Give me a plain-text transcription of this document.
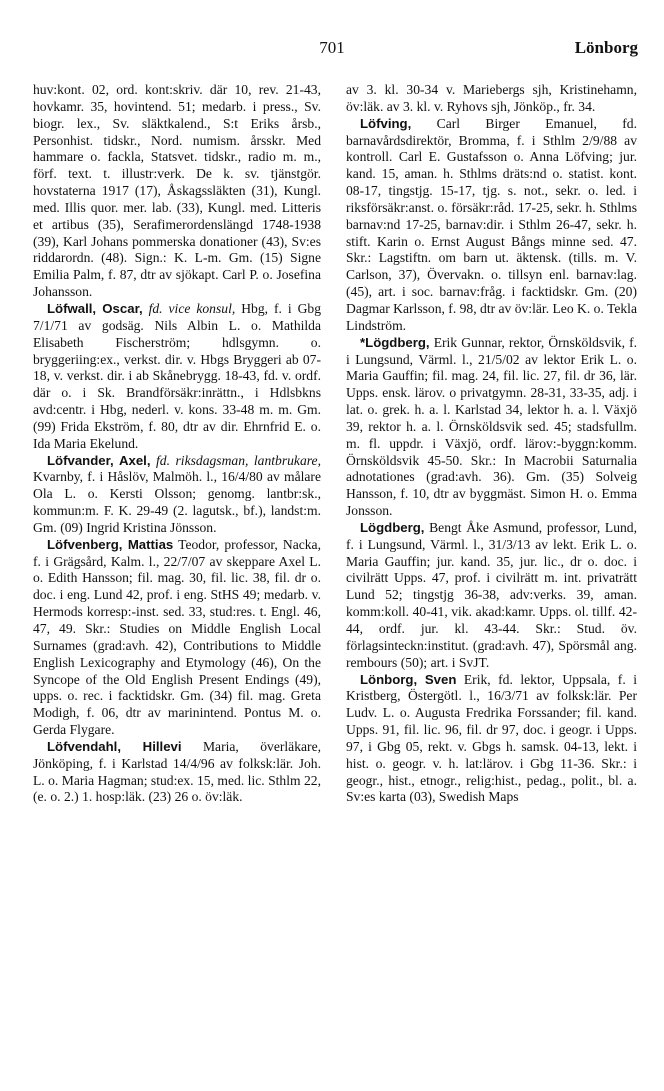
701	Lönborg

huv:kont. 02, ord. kont:skriv. där 10, rev. 21-43, hovkamr. 35, hovintend. 51; medarb. i press., Sv. biogr. lex., Sv. släktkalend., S:t Eriks årsb., Personhist. tidskr., Nord. numism. årsskr. Med hammare o. fackla, Statsvet. tidskr., radio m. m., förf. text. t. illustr:verk. De k. sv. tjänstgör. hovstaterna 1917 (17), Åskagssläkten (31), Kungl. med. Illis quor. mer. lab. (33), Kungl. med. Litteris et artibus (35), Serafimerordenslängd 1748-1938 (39), Karl Johans pommerska donationer (43), Sv:es riddarordn. (48). Sign.: K. L-m. Gm. (15) Signe Emilia Palm, f. 87, dtr av sjökapt. Carl P. o. Josefina Johansson.

Löfwall, Oscar, fd. vice konsul, Hbg, f. i Gbg 7/1/71 av godsäg. Nils Albin L. o. Mathilda Elisabeth Fischerström; hdlsgymn. o. bryggeriing:ex., verkst. dir. v. Hbgs Bryggeri ab 07-18, v. verkst. dir. i ab Skånebrygg. 18-43, fd. v. ordf. där o. i Sk. Brandförsäkr:inrättn., i Hdlsbkns avd:centr. i Hbg, nederl. v. kons. 33-48 m. m. Gm. (99) Frida Ekström, f. 80, dtr av dir. Ehrnfrid E. o. Ida Maria Ekelund.

Löfvander, Axel, fd. riksdagsman, lantbrukare, Kvarnby, f. i Håslöv, Malmöh. l., 16/4/80 av målare Ola L. o. Kersti Olsson; genomg. lantbr:sk., kommun:m. F. K. 29-49 (2. lagutsk., bf.), landst:m. Gm. (09) Ingrid Kristina Jönsson.

Löfvenberg, Mattias Teodor, professor, Nacka, f. i Grägsård, Kalm. l., 22/7/07 av skeppare Axel L. o. Edith Hansson; fil. mag. 30, fil. lic. 38, fil. dr o. doc. i eng. Lund 42, prof. i eng. StHS 49; medarb. v. Hermods korresp:-inst. sed. 33, stud:res. t. Engl. 46, 47, 49. Skr.: Studies on Middle English Local Surnames (grad:avh. 42), Contributions to Middle English Lexicography and Etymology (46), On the Syncope of the Old English Present Endings (49), upps. o. rec. i facktidskr. Gm. (34) fil. mag. Greta Modigh, f. 06, dtr av marinintend. Pontus M. o. Gerda Flygare.

Löfvendahl, Hillevi Maria, överläkare, Jönköping, f. i Karlstad 14/4/96 av folksk:lär. Joh. L. o. Maria Hagman; stud:ex. 15, med. lic. Sthlm 22, (e. o. 2.) 1. hosp:läk. (23) 26 o. öv:läk.

av 3. kl. 30-34 v. Mariebergs sjh, Kristinehamn, öv:läk. av 3. kl. v. Ryhovs sjh, Jönköp., fr. 34.

Löfving, Carl Birger Emanuel, fd. barnavårdsdirektör, Bromma, f. i Sthlm 2/9/88 av kontroll. Carl E. Gustafsson o. Anna Löfving; jur. kand. 15, aman. h. Sthlms dräts:nd o. statist. kont. 08-17, tingstjg. 15-17, tjg. s. not., sekr. o. led. i riksförsäkr:anst. o. försäkr:råd. 17-25, sekr. h. Sthlms barnav:nd 17-25, barnav:dir. i Sthlm 26-47, sekr. h. stift. Karin o. Ernst August Bångs minne sed. 47. Skr.: Lagstiftn. om barn ut. äktensk. (tills. m. V. Carlson, 37), Övervakn. o. tillsyn enl. barnav:lag. (45), art. i soc. barnav:fråg. i facktidskr. Gm. (20) Dagmar Karlsson, f. 98, dtr av öv:lär. Leo K. o. Tekla Lindström.

*Lögdberg, Erik Gunnar, rektor, Örnsköldsvik, f. i Lungsund, Värml. l., 21/5/02 av lektor Erik L. o. Maria Gauffin; fil. mag. 24, fil. lic. 27, fil. dr 36, lär. Upps. ensk. lärov. o privatgymn. 28-31, 33-35, adj. i lat. o. grek. h. a. l. Karlstad 34, lektor h. a. l. Växjö 39, rektor h. a. l. Örnsköldsvik sed. 45; stadsfullm. m. fl. uppdr. i Växjö, ordf. lärov:-byggn:komm. Örnsköldsvik 45-50. Skr.: In Macrobii Saturnalia adnotationes (grad:avh. 36). Gm. (35) Solveig Hansson, f. 10, dtr av byggmäst. Simon H. o. Emma Jonsson.

Lögdberg, Bengt Åke Asmund, professor, Lund, f. i Lungsund, Värml. l., 31/3/13 av lekt. Erik L. o. Maria Gauffin; jur. kand. 35, jur. lic., dr o. doc. i civilrätt Upps. 47, prof. i civilrätt m. int. privaträtt Lund 52; tingstjg 36-38, adv:verks. 39, aman. komm:koll. 40-41, vik. akad:kamr. Upps. ol. tillf. 42-44, ordf. jur. kl. 43-44. Skr.: Stud. öv. förlagsinteckn:institut. (grad:avh. 47), Spörsmål ang. rembours (50); art. i SvJT.

Lönborg, Sven Erik, fd. lektor, Uppsala, f. i Kristberg, Östergötl. l., 16/3/71 av folksk:lär. Per Ludv. L. o. Augusta Fredrika Forssander; fil. kand. Upps. 91, fil. lic. 96, fil. dr 97, doc. i geogr. i Upps. 97, i Gbg 05, rekt. v. Gbgs h. samsk. 04-13, lekt. i hist. o. geogr. v. h. lat:lärov. i Gbg 11-36. Skr.: i geogr., hist., etnogr., relig:hist., pedag., polit., bl. a. Sv:es karta (03), Swedish Maps
